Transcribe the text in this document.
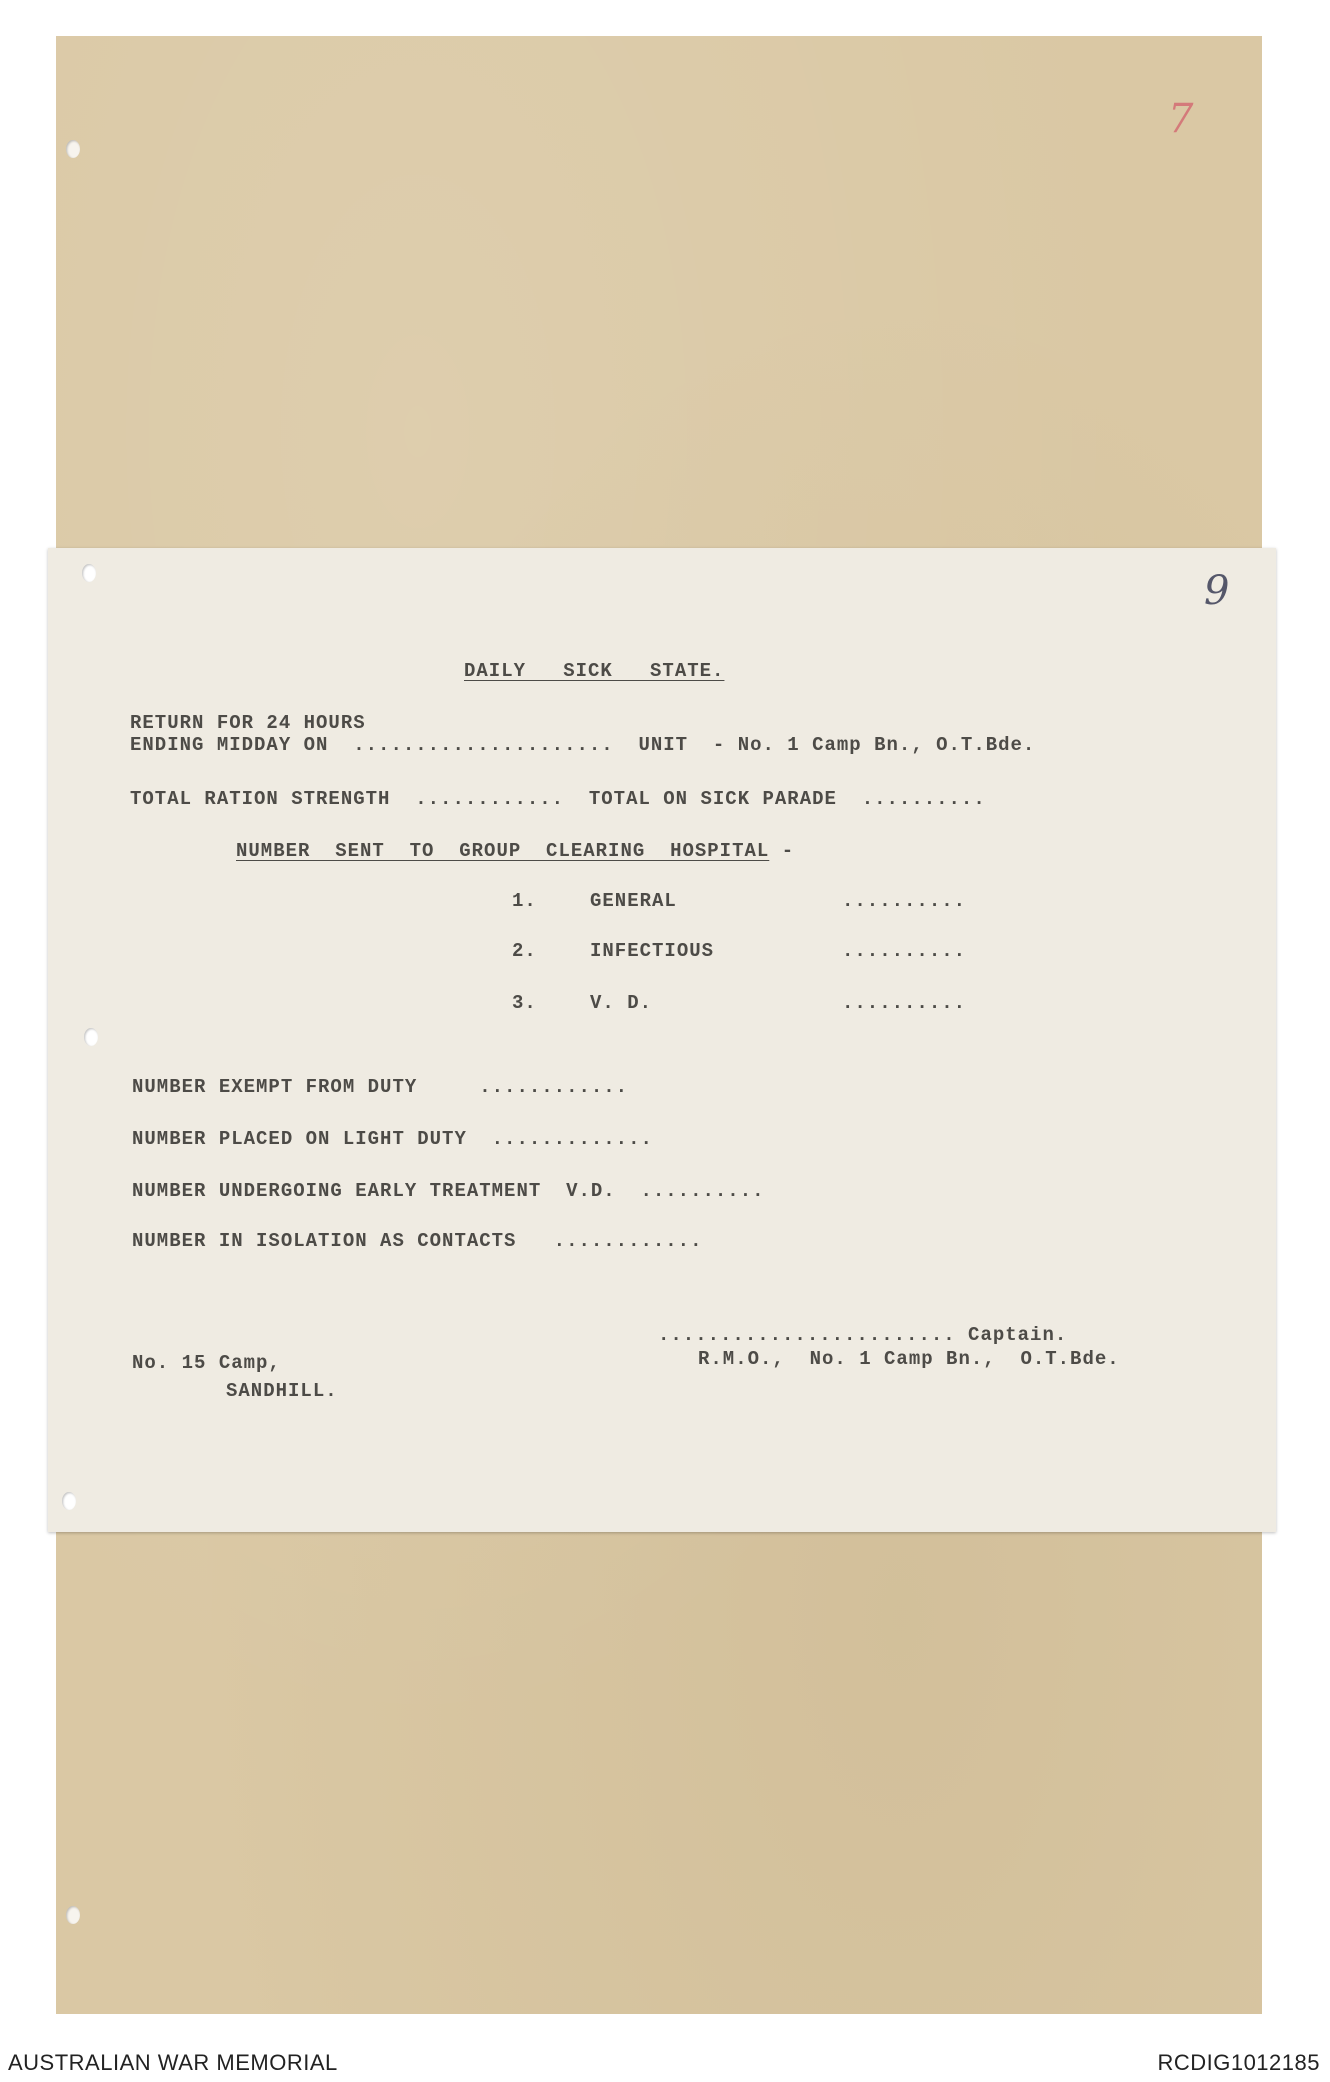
7
9
DAILY   SICK   STATE.
RETURN FOR 24 HOURS
ENDING MIDDAY ON  .....................  UNIT  - No. 1 Camp Bn., O.T.Bde.
TOTAL RATION STRENGTH  ............  TOTAL ON SICK PARADE  ..........
NUMBER  SENT  TO  GROUP  CLEARING  HOSPITAL -
1.	GENERAL	..........
2.	INFECTIOUS	..........
3.	V. D.	..........
NUMBER EXEMPT FROM DUTY     ............
NUMBER PLACED ON LIGHT DUTY  .............
NUMBER UNDERGOING EARLY TREATMENT  V.D.  ..........
NUMBER IN ISOLATION AS CONTACTS   ............
........................ Captain.
R.M.O.,  No. 1 Camp Bn.,  O.T.Bde.
No. 15 Camp,
SANDHILL.
AUSTRALIAN WAR MEMORIAL	RCDIG1012185
